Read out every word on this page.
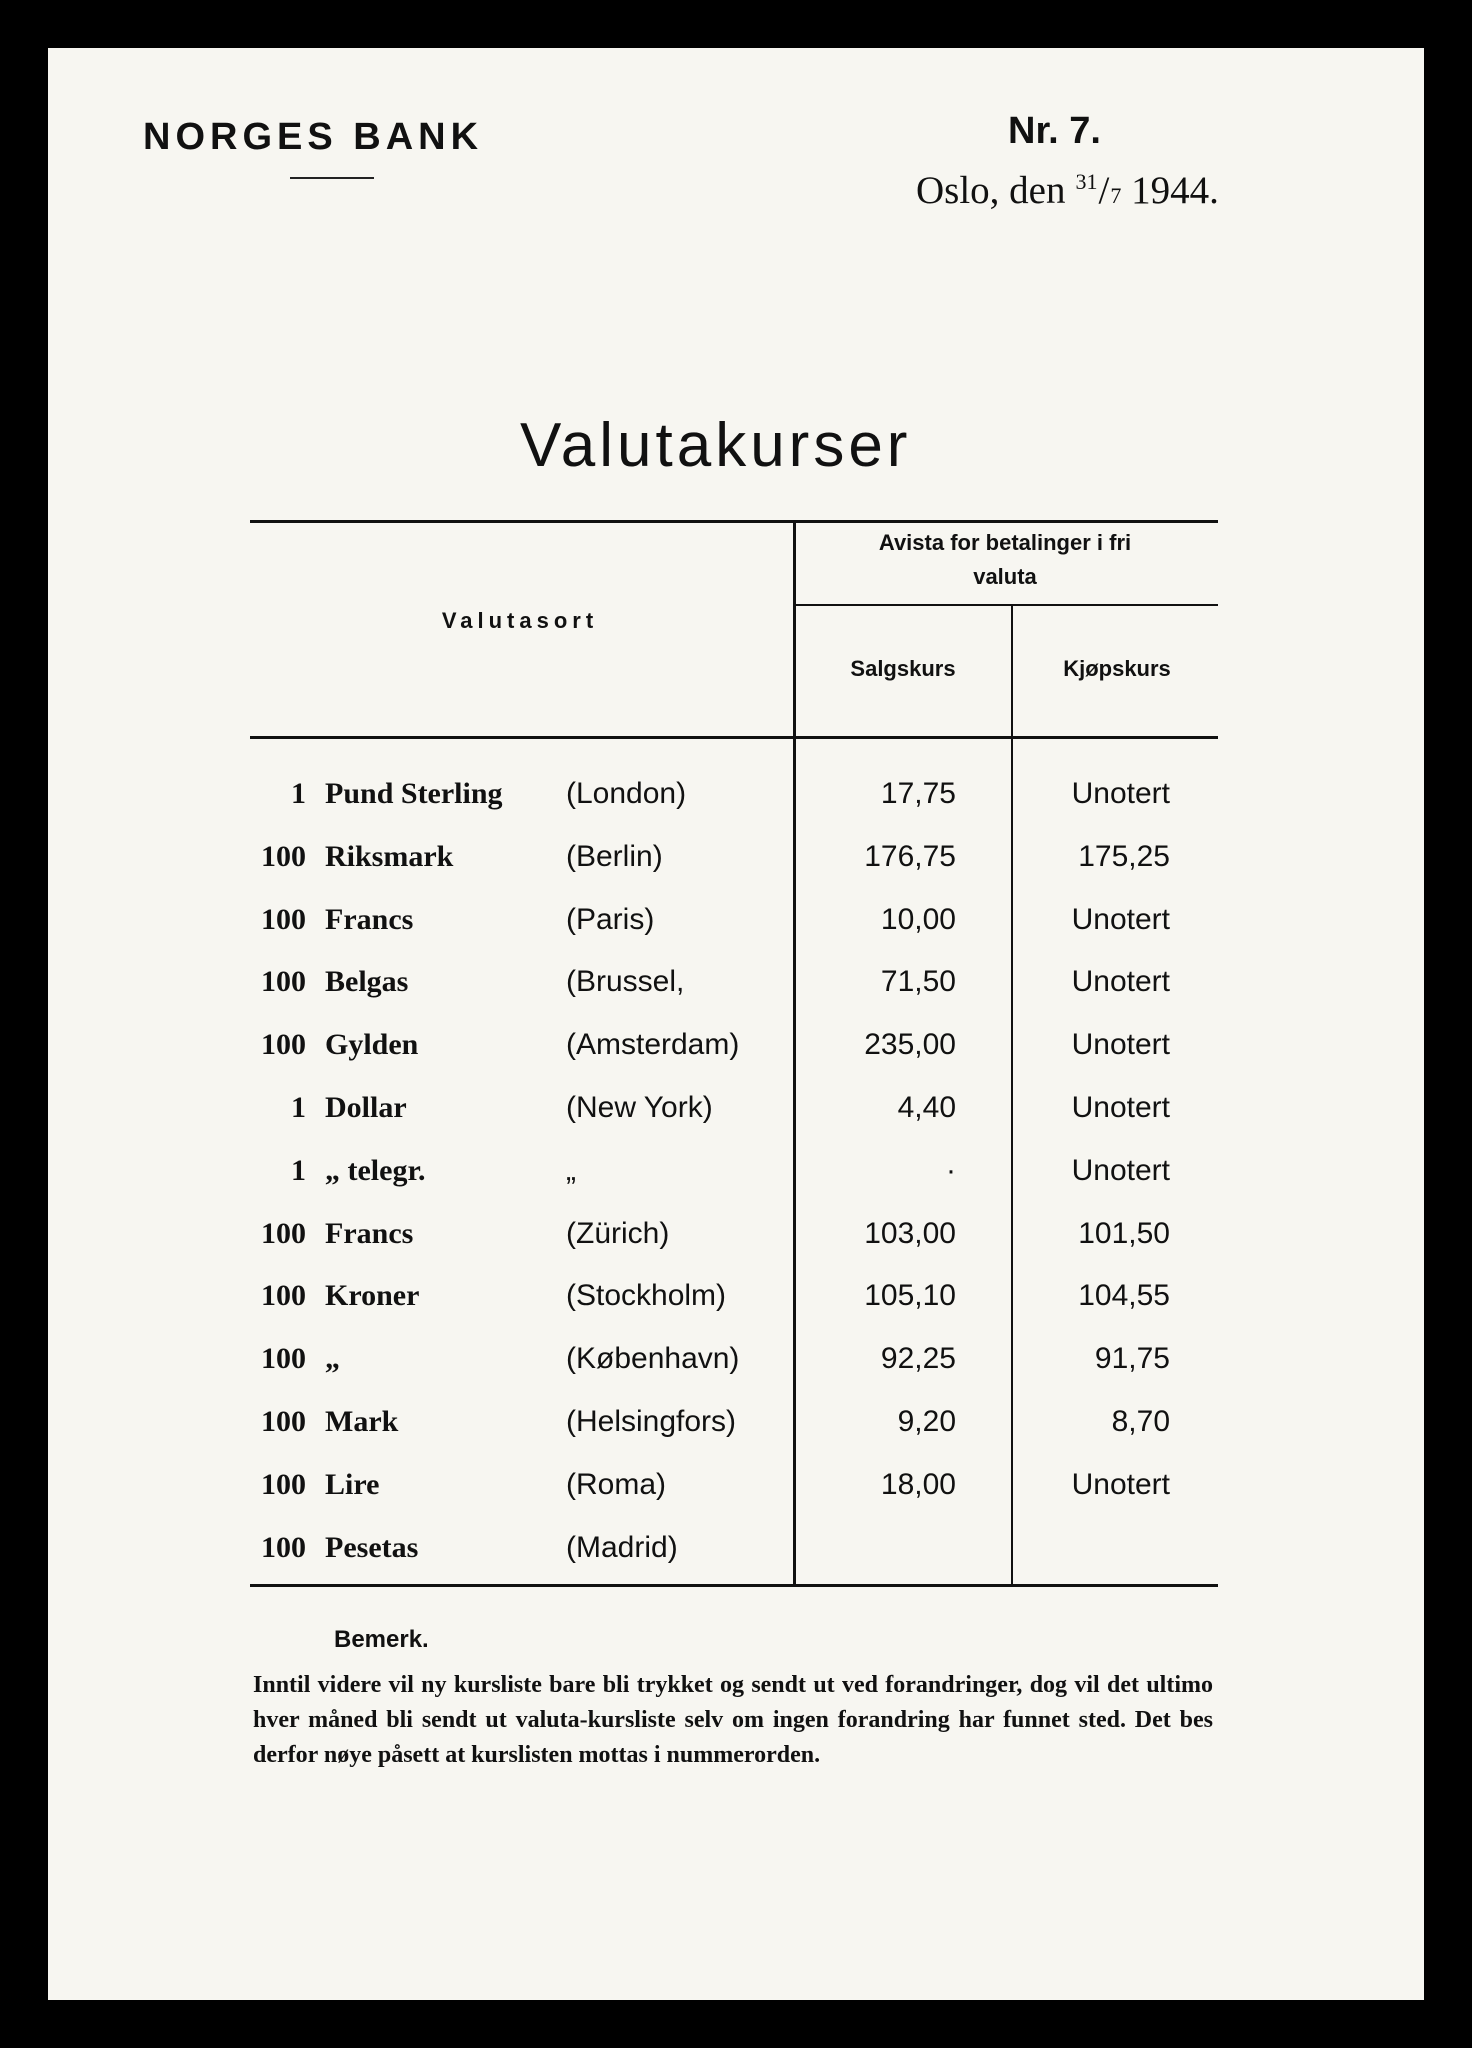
NORGES BANK	Nr. 7.
Oslo, den $^{31}$/7 1944.
Valutakurser
Valutasort
Avista for betalinger i fri valuta
Salgskurs	Kjøpskurs
1 Pund Sterling (London)	17,75	Unotert
100 Riksmark	(Berlin)	176,75	175,25
100 Francs	(Paris)	10,00	Unotert
100 Belgas	(Brussel,	71,50	Unotert
100 Gylden	(Amsterdam)	235,00	Unotert
1 Dollar	(New York)	4,40	Unotert
1 „ telegr.	„	·	Unotert
100 Francs	(Zürich)	103,00	101,50
100 Kroner	(Stockholm)	105,10	104,55
100 „	(København)	92,25	91,75
100 Mark	(Helsingfors)	9,20	8,70
100 Lire	(Roma)	18,00	Unotert
100 Pesetas	(Madrid)
Bemerk.
Inntil videre vil ny kursliste bare bli trykket og sendt ut ved forandringer, dog vil det ultimo hver måned bli sendt ut valuta-kursliste selv om ingen forandring har funnet sted. Det bes derfor nøye påsett at kurslisten mottas i nummerorden.
